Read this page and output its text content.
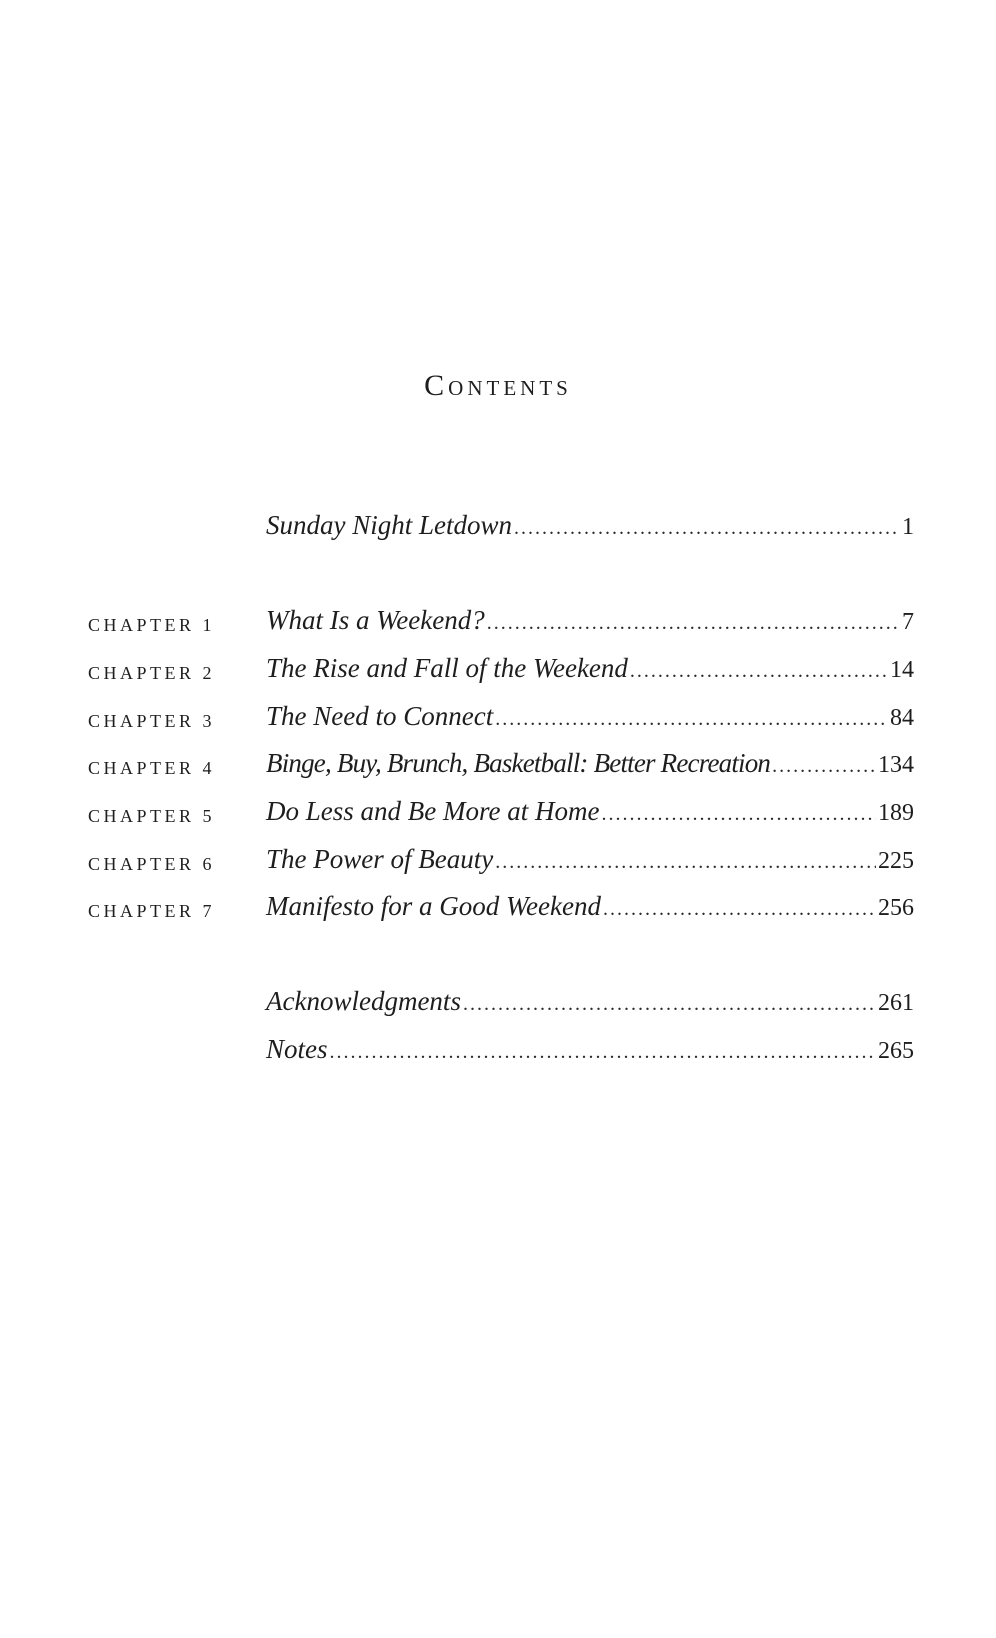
Contents
Sunday Night Letdown .....	1
CHAPTER 1	What Is a Weekend? .....	7
CHAPTER 2	The Rise and Fall of the Weekend .....	14
CHAPTER 3	The Need to Connect .....	84
CHAPTER 4	Binge, Buy, Brunch, Basketball: Better Recreation .....	134
CHAPTER 5	Do Less and Be More at Home .....	189
CHAPTER 6	The Power of Beauty .....	225
CHAPTER 7	Manifesto for a Good Weekend .....	256
Acknowledgments .....	261
Notes .....	265
